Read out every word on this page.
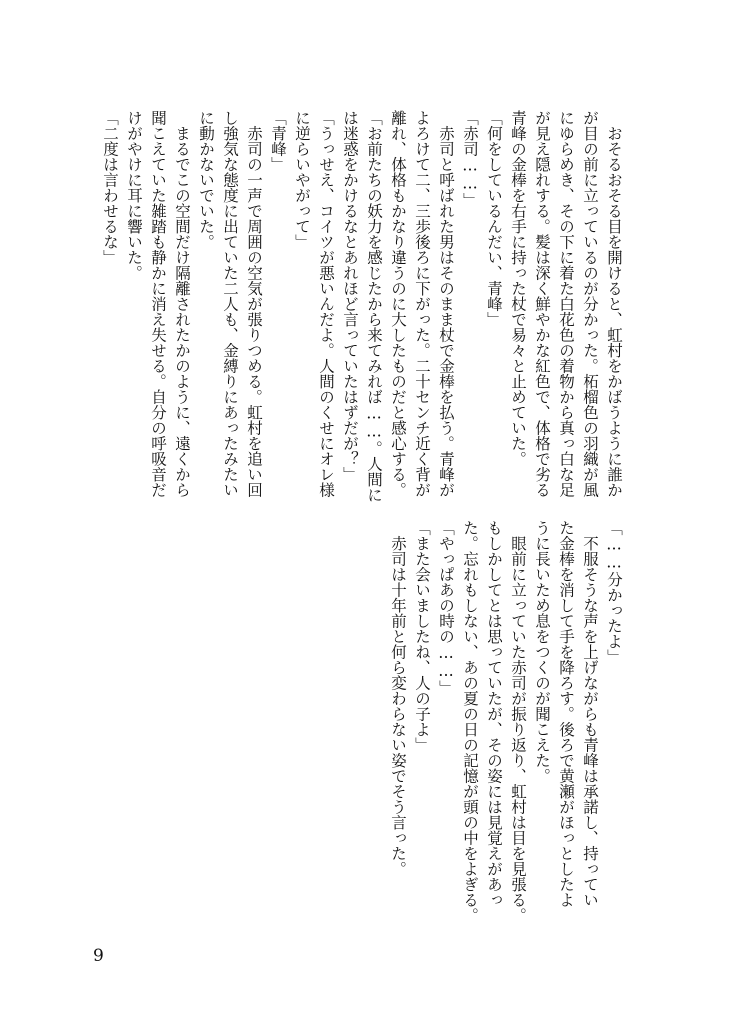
　おそるおそる目を開けると、虹村をかばうように誰か
が目の前に立っているのが分かった。柘榴色の羽織が風
にゆらめき、その下に着た白花色の着物から真っ白な足
が見え隠れする。髪は深く鮮やかな紅色で、体格で劣る
青峰の金棒を右手に持った杖で易々と止めていた。
「何をしているんだい、青峰」
「赤司……」
　赤司と呼ばれた男はそのまま杖で金棒を払う。青峰が
よろけて二、三歩後ろに下がった。二十センチ近く背が
離れ、体格もかなり違うのに大したものだと感心する。
「お前たちの妖力を感じたから来てみれば……。人間に
は迷惑をかけるなとあれほど言っていたはずだが？」
「うっせえ、コイツが悪いんだよ。人間のくせにオレ様
に逆らいやがって」
「青峰」
　赤司の一声で周囲の空気が張りつめる。虹村を追い回
し強気な態度に出ていた二人も、金縛りにあったみたい
に動かないでいた。
　まるでこの空間だけ隔離されたかのように、遠くから
聞こえていた雑踏も静かに消え失せる。自分の呼吸音だ
けがやけに耳に響いた。
「二度は言わせるな」
「……分かったよ」
　不服そうな声を上げながらも青峰は承諾し、持ってい
た金棒を消して手を降ろす。後ろで黄瀬がほっとしたよ
うに長いため息をつくのが聞こえた。
　眼前に立っていた赤司が振り返り、虹村は目を見張る。
もしかしてとは思っていたが、その姿には見覚えがあっ
た。忘れもしない、あの夏の日の記憶が頭の中をよぎる。
「やっぱあの時の……」
「また会いましたね、人の子よ」
　赤司は十年前と何ら変わらない姿でそう言った。
9
